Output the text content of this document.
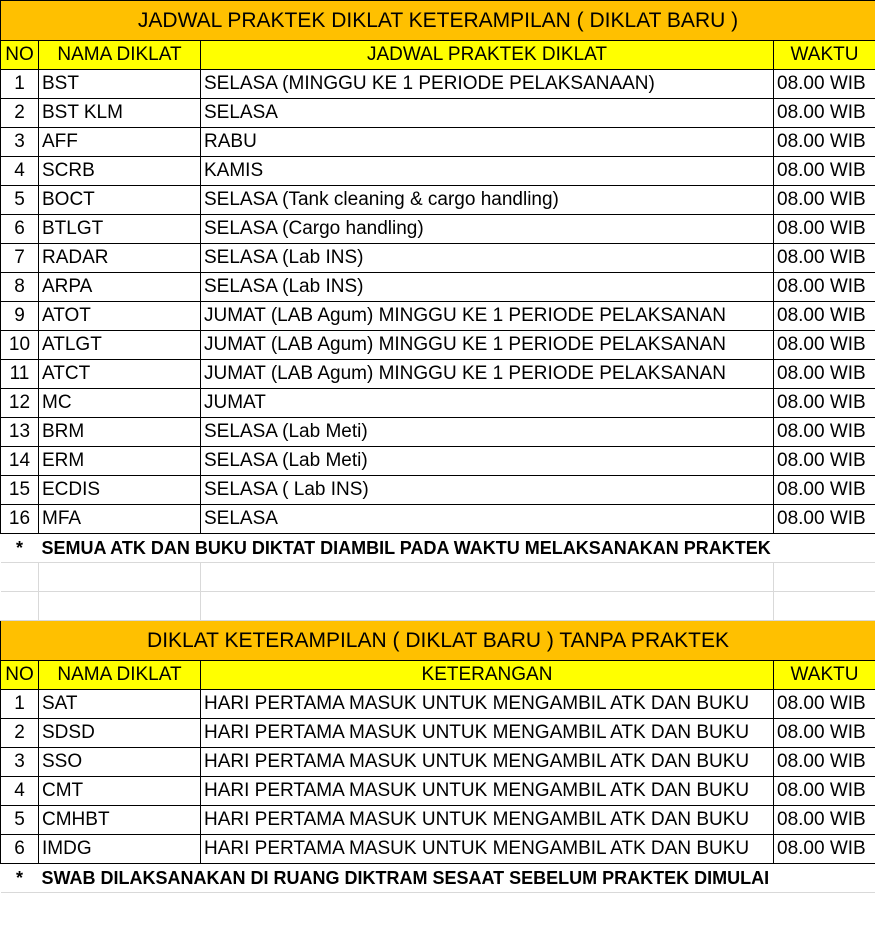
JADWAL PRAKTEK DIKLAT KETERAMPILAN ( DIKLAT BARU )			
NO	NAMA DIKLAT	JADWAL PRAKTEK DIKLAT	WAKTU
1	BST	SELASA (MINGGU KE 1 PERIODE PELAKSANAAN)	08.00 WIB
2	BST KLM	SELASA	08.00 WIB
3	AFF	RABU	08.00 WIB
4	SCRB	KAMIS	08.00 WIB
5	BOCT	SELASA (Tank cleaning & cargo handling)	08.00 WIB
6	BTLGT	SELASA (Cargo handling)	08.00 WIB
7	RADAR	SELASA (Lab INS)	08.00 WIB
8	ARPA	SELASA (Lab INS)	08.00 WIB
9	ATOT	JUMAT (LAB Agum) MINGGU KE 1 PERIODE PELAKSANAN	08.00 WIB
10	ATLGT	JUMAT (LAB Agum) MINGGU KE 1 PERIODE PELAKSANAN	08.00 WIB
11	ATCT	JUMAT (LAB Agum) MINGGU KE 1 PERIODE PELAKSANAN	08.00 WIB
12	MC	JUMAT	08.00 WIB
13	BRM	SELASA (Lab Meti)	08.00 WIB
14	ERM	SELASA (Lab Meti)	08.00 WIB
15	ECDIS	SELASA ( Lab INS)	08.00 WIB
16	MFA	SELASA	08.00 WIB
*	SEMUA ATK DAN BUKU DIKTAT DIAMBIL PADA WAKTU MELAKSANAKAN PRAKTEK		

DIKLAT KETERAMPILAN ( DIKLAT BARU ) TANPA PRAKTEK			
NO	NAMA DIKLAT	KETERANGAN	WAKTU
1	SAT	HARI PERTAMA MASUK UNTUK MENGAMBIL ATK DAN BUKU	08.00 WIB
2	SDSD	HARI PERTAMA MASUK UNTUK MENGAMBIL ATK DAN BUKU	08.00 WIB
3	SSO	HARI PERTAMA MASUK UNTUK MENGAMBIL ATK DAN BUKU	08.00 WIB
4	CMT	HARI PERTAMA MASUK UNTUK MENGAMBIL ATK DAN BUKU	08.00 WIB
5	CMHBT	HARI PERTAMA MASUK UNTUK MENGAMBIL ATK DAN BUKU	08.00 WIB
6	IMDG	HARI PERTAMA MASUK UNTUK MENGAMBIL ATK DAN BUKU	08.00 WIB
*	SWAB DILAKSANAKAN DI RUANG DIKTRAM SESAAT SEBELUM PRAKTEK DIMULAI		
